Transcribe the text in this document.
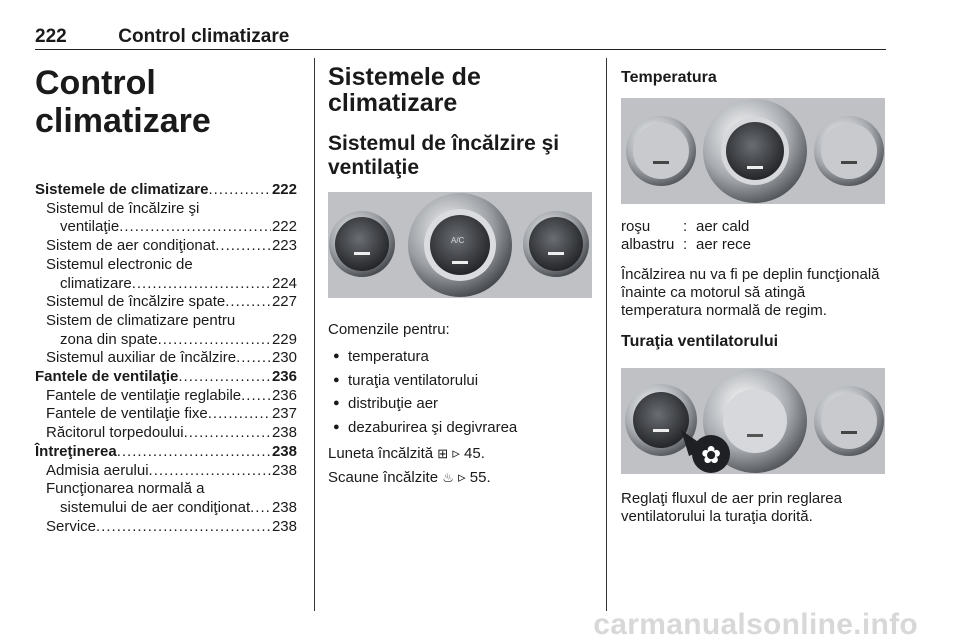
222	Control climatizare
Control climatizare
Sistemele de climatizare .....	222
Sistemul de încălzire şi
ventilaţie .....	222
Sistem de aer condiţionat .....	223
Sistemul electronic de
climatizare .....	224
Sistemul de încălzire spate .....	227
Sistem de climatizare pentru
zona din spate .....	229
Sistemul auxiliar de încălzire ..... 230
Fantele de ventilaţie .....	236
Fantele de ventilaţie reglabile ..... 236
Fantele de ventilaţie fixe .....	237
Răcitorul torpedoului .....	238
Întreţinerea .....	238
Admisia aerului .....	238
Funcţionarea normală a
sistemului de aer condiţionat ..... 238
Service .....	238
Sistemele de climatizare
Sistemul de încălzire şi ventilaţie
A/C

Comenzile pentru:

● temperatura
● turaţia ventilatorului
● distribuţie aer
● dezaburirea şi degivrarea

Luneta încălzită ⊞ ▹ 45.

Scaune încălzite ♨ ▹ 55.

Temperatura
roşu	: aer cald
albastru : aer rece

Încălzirea nu va fi pe deplin funcţională înainte ca motorul să atingă temperatura normală de regim.

Turaţia ventilatorului
✿

Reglaţi fluxul de aer prin reglarea ventilatorului la turaţia dorită.

carmanualsonline.info
